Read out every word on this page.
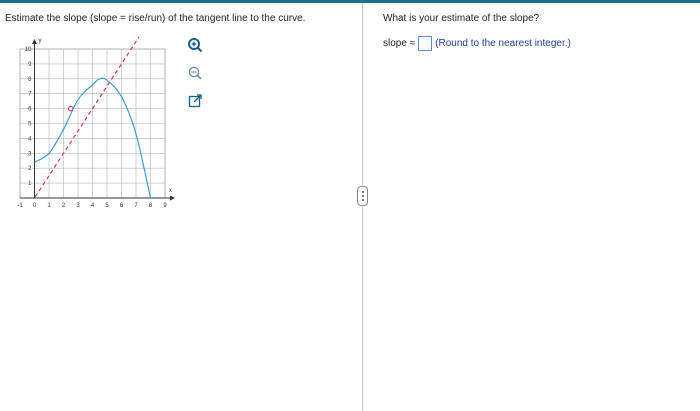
Estimate the slope (slope = rise/run) of the tangent line to the curve.
-1 0 1 2 3 4 5 6 7 8 9
1
2
3
4
5
6
7
8
9
10
x
y
What is your estimate of the slope?
slope ≈ (Round to the nearest integer.)
